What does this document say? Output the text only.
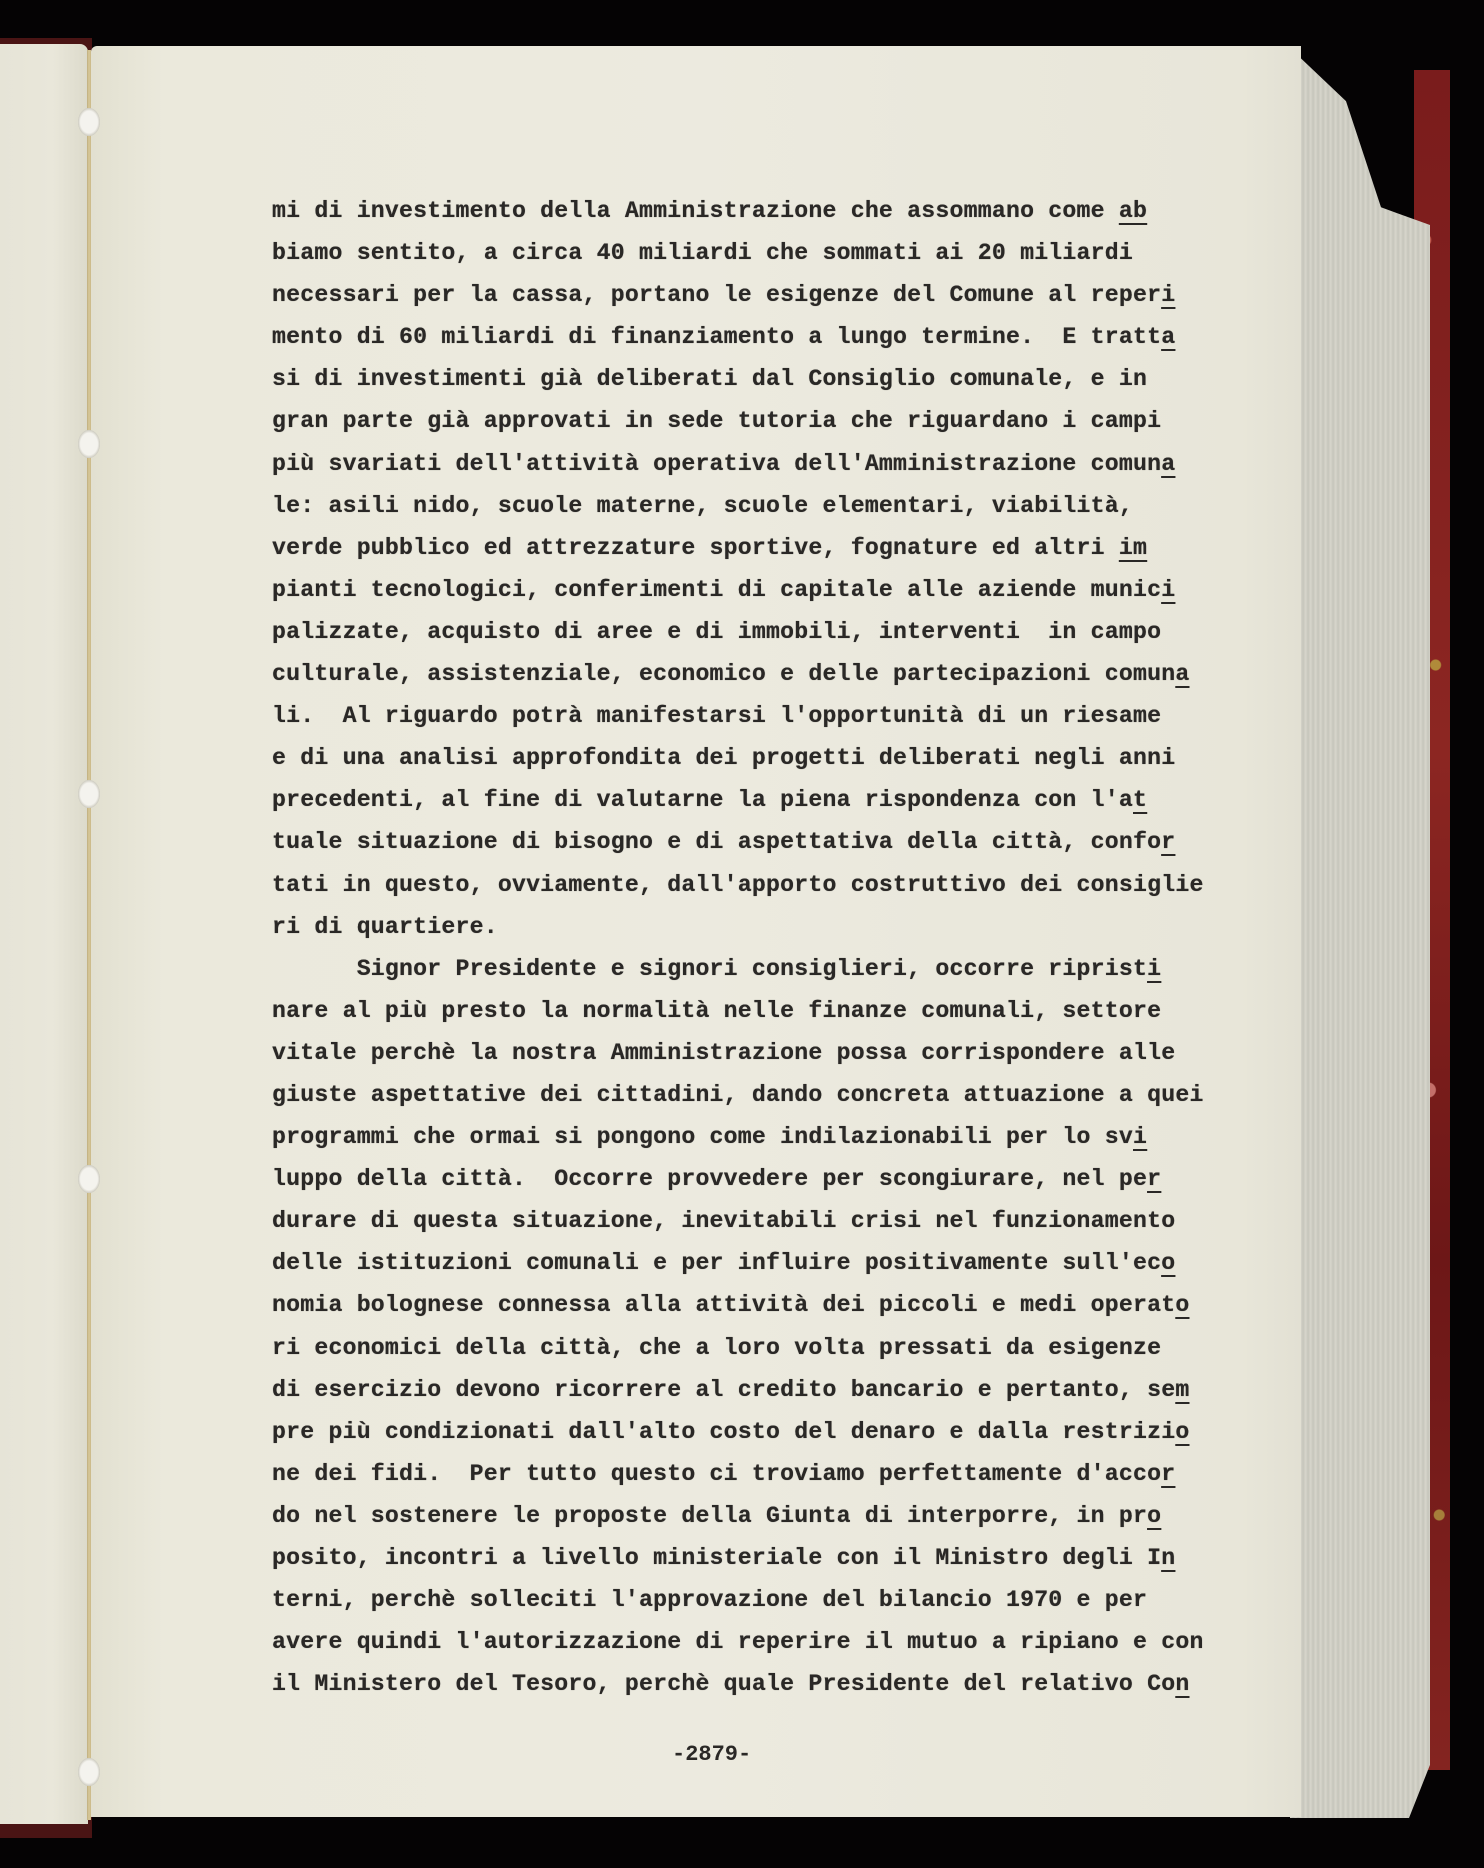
mi di investimento della Amministrazione che assommano come ab
biamo sentito, a circa 40 miliardi che sommati ai 20 miliardi
necessari per la cassa, portano le esigenze del Comune al reperi
mento di 60 miliardi di finanziamento a lungo termine.  E tratta
si di investimenti già deliberati dal Consiglio comunale, e in
gran parte già approvati in sede tutoria che riguardano i campi
più svariati dell'attività operativa dell'Amministrazione comuna
le: asili nido, scuole materne, scuole elementari, viabilità,
verde pubblico ed attrezzature sportive, fognature ed altri im
pianti tecnologici, conferimenti di capitale alle aziende munici
palizzate, acquisto di aree e di immobili, interventi  in campo
culturale, assistenziale, economico e delle partecipazioni comuna
li.  Al riguardo potrà manifestarsi l'opportunità di un riesame
e di una analisi approfondita dei progetti deliberati negli anni
precedenti, al fine di valutarne la piena rispondenza con l'at
tuale situazione di bisogno e di aspettativa della città, confor
tati in questo, ovviamente, dall'apporto costruttivo dei consiglie
ri di quartiere.
Signor Presidente e signori consiglieri, occorre ripristi
nare al più presto la normalità nelle finanze comunali, settore
vitale perchè la nostra Amministrazione possa corrispondere alle
giuste aspettative dei cittadini, dando concreta attuazione a quei
programmi che ormai si pongono come indilazionabili per lo svi
luppo della città.  Occorre provvedere per scongiurare, nel per
durare di questa situazione, inevitabili crisi nel funzionamento
delle istituzioni comunali e per influire positivamente sull'eco
nomia bolognese connessa alla attività dei piccoli e medi operato
ri economici della città, che a loro volta pressati da esigenze
di esercizio devono ricorrere al credito bancario e pertanto, sem
pre più condizionati dall'alto costo del denaro e dalla restrizio
ne dei fidi.  Per tutto questo ci troviamo perfettamente d'accor
do nel sostenere le proposte della Giunta di interporre, in pro
posito, incontri a livello ministeriale con il Ministro degli In
terni, perchè solleciti l'approvazione del bilancio 1970 e per
avere quindi l'autorizzazione di reperire il mutuo a ripiano e con
il Ministero del Tesoro, perchè quale Presidente del relativo Con
-2879-
